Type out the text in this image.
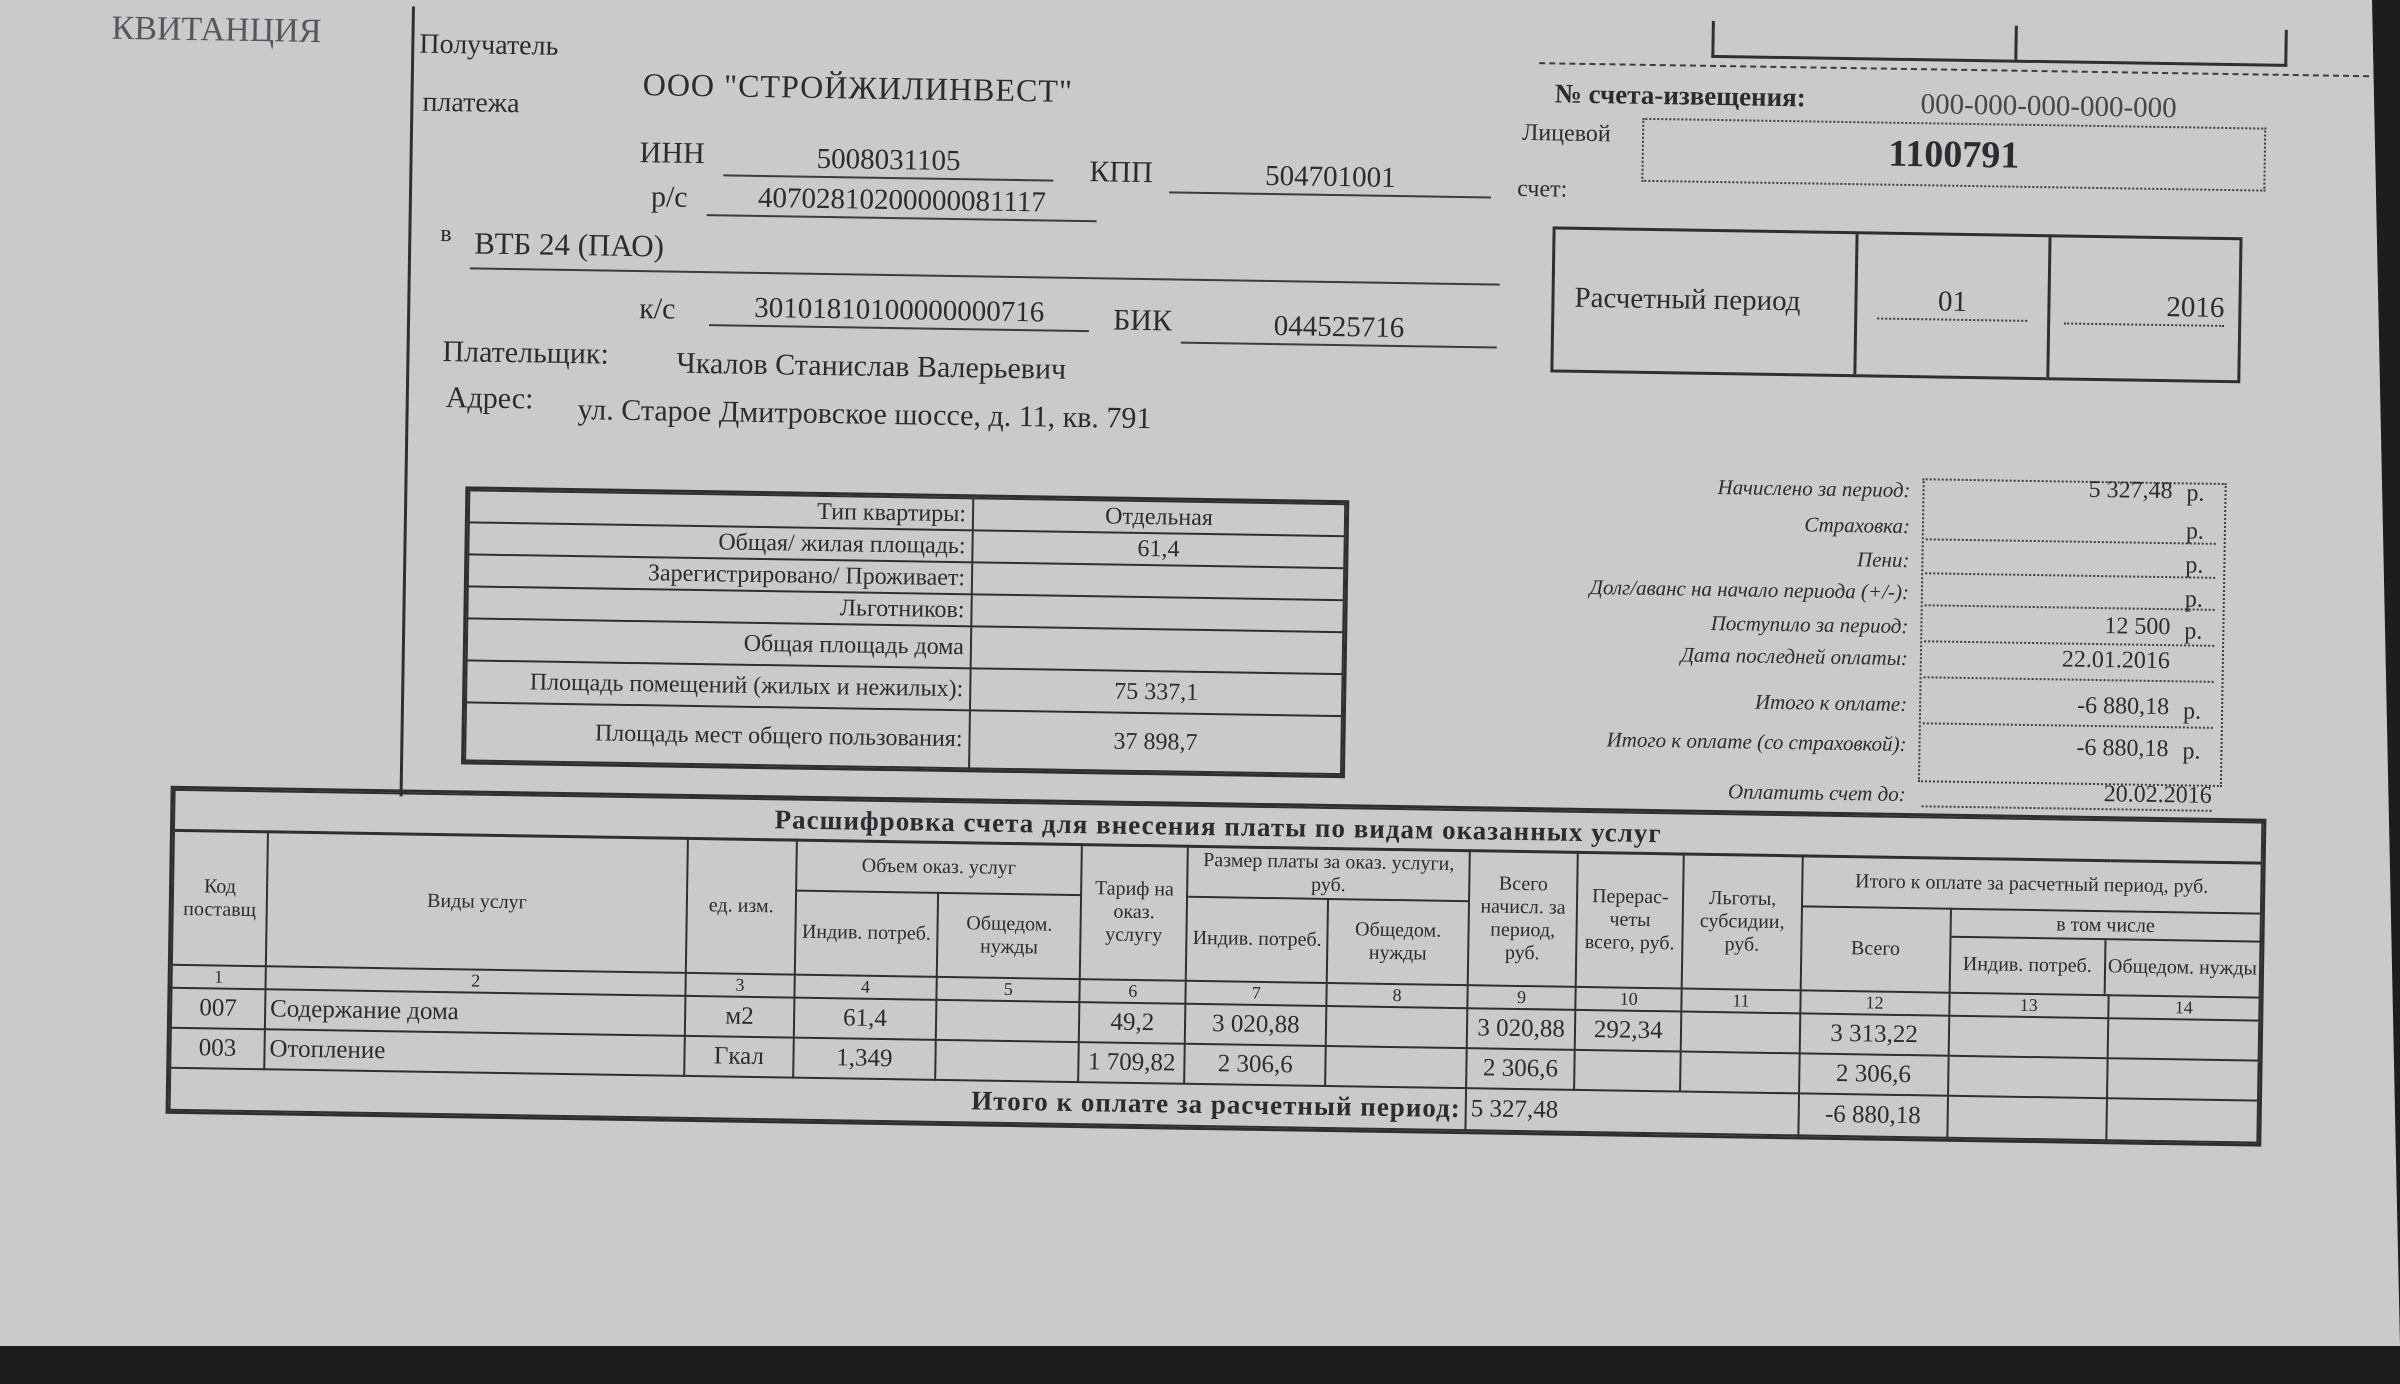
КВИТАНЦИЯ	Получатель
платежа	ООО "СТРОЙЖИЛИНВЕСТ"
ИНН	5008031105	КПП	504701001
р/с	40702810200000081117
в ВТБ 24 (ПАО)
к/с	30101810100000000716	БИК	044525716
Плательщик: Чкалов Станислав Валерьевич
Адрес: ул. Старое Дмитровское шоссе, д. 11, кв. 791
№ счета-извещения:	000-000-000-000-000
Лицевой
счет:
1100791
Расчетный период	01	2016
Тип квартиры:	Отдельная
Общая/ жилая площадь:	61,4
Зарегистрировано/ Проживает:	
Льготников:	
Общая площадь дома	
Площадь помещений (жилых и нежилых):	75 337,1
Площадь мест общего пользования:	37 898,7
Начислено за период:	5 327,48 р.
Страховка:	р.
Пени:	р.
Долг/аванс на начало периода (+/-):	р.
Поступило за период:	12 500 р.
Дата последней оплаты:	22.01.2016
Итого к оплате:	-6 880,18 р.
Итого к оплате (со страховкой):	-6 880,18 р.
Оплатить счет до:	20.02.2016
Расшифровка счета для внесения платы по видам оказанных услуг													
Код поставщ	Виды услуг	ед. изм.	Объем оказ. услуг		Тариф на оказ. услугу	Размер платы за оказ. услуги, руб.		Всего начисл. за период, руб.	Перерас-четы всего, руб.	Льготы, субсидии, руб.	Итого к оплате за расчетный период, руб.		
			Индив. потреб.	Общедом. нужды		Индив. потреб.	Общедом. нужды				Всего	в том числе
Индив. потреб. Общедом. нужды	

1	2	3	4	5	6	7	8	9	10	11	12	13	14
007	Содержание дома	м2	61,4		49,2	3 020,88		3 020,88	292,34		3 313,22		
003	Отопление	Гкал	1,349		1 709,82	2 306,6		2 306,6			2 306,6		
Итого к оплате за расчетный период:								5 327,48			-6 880,18		
